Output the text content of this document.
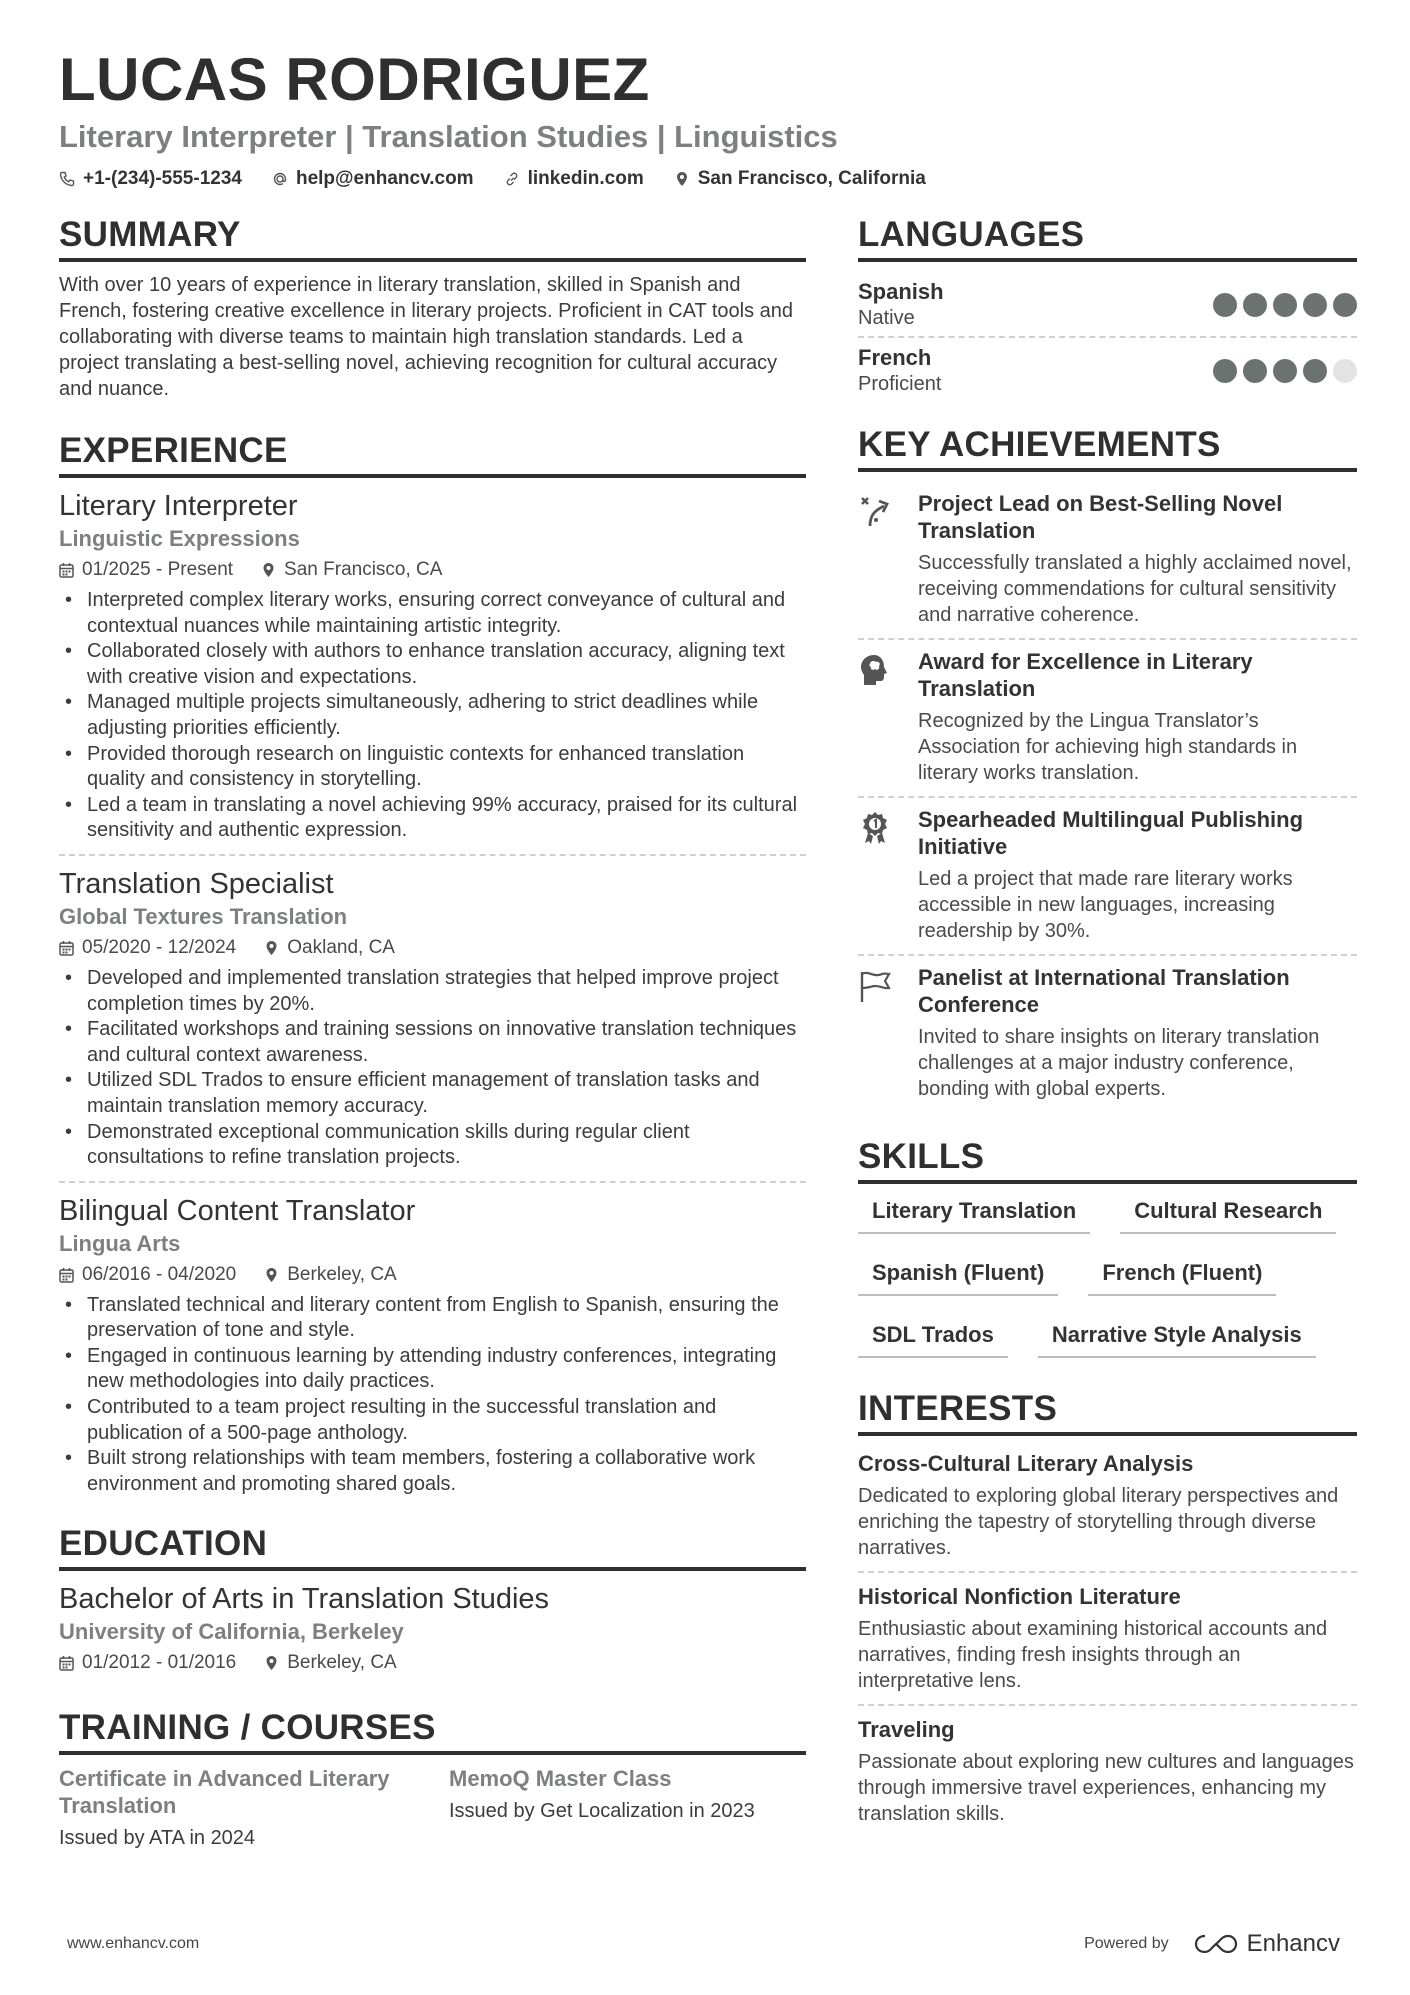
LUCAS RODRIGUEZ
Literary Interpreter | Translation Studies | Linguistics
+1-(234)-555-1234	help@enhancv.com	linkedin.com	San Francisco, California
SUMMARY
With over 10 years of experience in literary translation, skilled in Spanish and French, fostering creative excellence in literary projects. Proficient in CAT tools and collaborating with diverse teams to maintain high translation standards. Led a project translating a best-selling novel, achieving recognition for cultural accuracy and nuance.
EXPERIENCE
Literary Interpreter
Linguistic Expressions
01/2025 - Present	San Francisco, CA
• Interpreted complex literary works, ensuring correct conveyance of cultural and contextual nuances while maintaining artistic integrity.
• Collaborated closely with authors to enhance translation accuracy, aligning text with creative vision and expectations.
• Managed multiple projects simultaneously, adhering to strict deadlines while adjusting priorities efficiently.
• Provided thorough research on linguistic contexts for enhanced translation quality and consistency in storytelling.
• Led a team in translating a novel achieving 99% accuracy, praised for its cultural sensitivity and authentic expression.
Translation Specialist
Global Textures Translation
05/2020 - 12/2024	Oakland, CA
• Developed and implemented translation strategies that helped improve project completion times by 20%.
• Facilitated workshops and training sessions on innovative translation techniques and cultural context awareness.
• Utilized SDL Trados to ensure efficient management of translation tasks and maintain translation memory accuracy.
• Demonstrated exceptional communication skills during regular client consultations to refine translation projects.
Bilingual Content Translator
Lingua Arts
06/2016 - 04/2020	Berkeley, CA
• Translated technical and literary content from English to Spanish, ensuring the preservation of tone and style.
• Engaged in continuous learning by attending industry conferences, integrating new methodologies into daily practices.
• Contributed to a team project resulting in the successful translation and publication of a 500-page anthology.
• Built strong relationships with team members, fostering a collaborative work environment and promoting shared goals.
EDUCATION
Bachelor of Arts in Translation Studies
University of California, Berkeley
01/2012 - 01/2016	Berkeley, CA
TRAINING / COURSES
Certificate in Advanced Literary Translation
Issued by ATA in 2024
MemoQ Master Class
Issued by Get Localization in 2023
LANGUAGES
Spanish
Native
French
Proficient
KEY ACHIEVEMENTS
Project Lead on Best-Selling Novel Translation
Successfully translated a highly acclaimed novel, receiving commendations for cultural sensitivity and narrative coherence.
Award for Excellence in Literary Translation
Recognized by the Lingua Translator’s Association for achieving high standards in literary works translation.
Spearheaded Multilingual Publishing Initiative
Led a project that made rare literary works accessible in new languages, increasing readership by 30%.
Panelist at International Translation Conference
Invited to share insights on literary translation challenges at a major industry conference, bonding with global experts.
SKILLS
Literary Translation	Cultural Research
Spanish (Fluent)	French (Fluent)
SDL Trados	Narrative Style Analysis
INTERESTS
Cross-Cultural Literary Analysis
Dedicated to exploring global literary perspectives and enriching the tapestry of storytelling through diverse narratives.
Historical Nonfiction Literature
Enthusiastic about examining historical accounts and narratives, finding fresh insights through an interpretative lens.
Traveling
Passionate about exploring new cultures and languages through immersive travel experiences, enhancing my translation skills.
www.enhancv.com	Powered by	Enhancv
